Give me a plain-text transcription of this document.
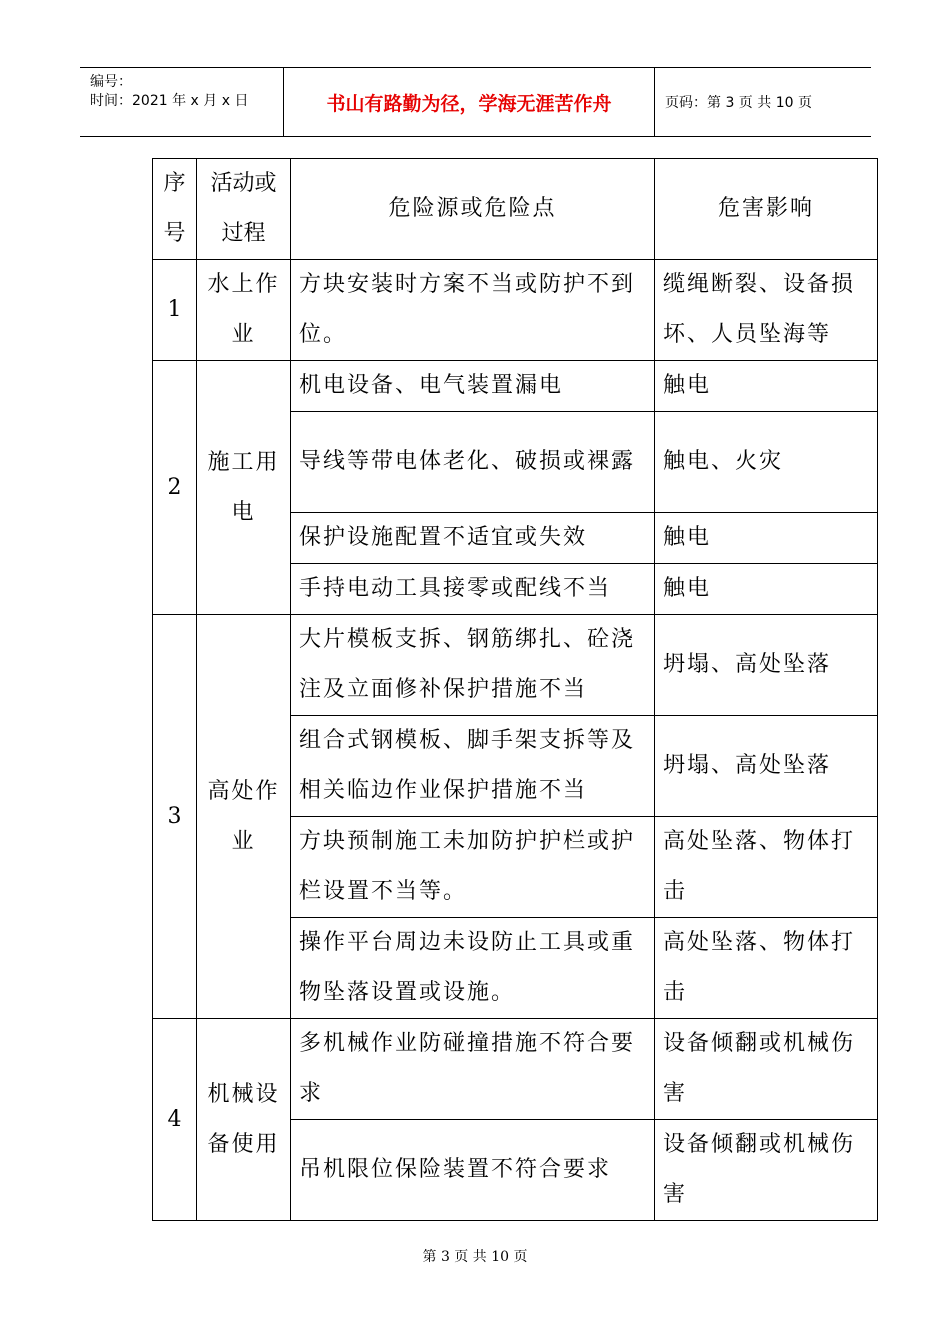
编号：
时间：2021 年 x 月 x 日	书山有路勤为径，学海无涯苦作舟	页码：第 3 页 共 10 页
序号	活动或过程	危险源或危险点	危害影响
1	水上作业	方块安装时方案不当或防护不到位。	缆绳断裂、设备损坏、人员坠海等
2	施工用电	机电设备、电气装置漏电	触电
		导线等带电体老化、破损或裸露	触电、火灾
		保护设施配置不适宜或失效	触电
		手持电动工具接零或配线不当	触电
3	高处作业	大片模板支拆、钢筋绑扎、砼浇注及立面修补保护措施不当	坍塌、高处坠落
		组合式钢模板、脚手架支拆等及相关临边作业保护措施不当	坍塌、高处坠落
		方块预制施工未加防护护栏或护栏设置不当等。	高处坠落、物体打击
		操作平台周边未设防止工具或重物坠落设置或设施。	高处坠落、物体打击
4	机械设备使用	多机械作业防碰撞措施不符合要求	设备倾翻或机械伤害
		吊机限位保险装置不符合要求	设备倾翻或机械伤害
第 3 页 共 10 页
